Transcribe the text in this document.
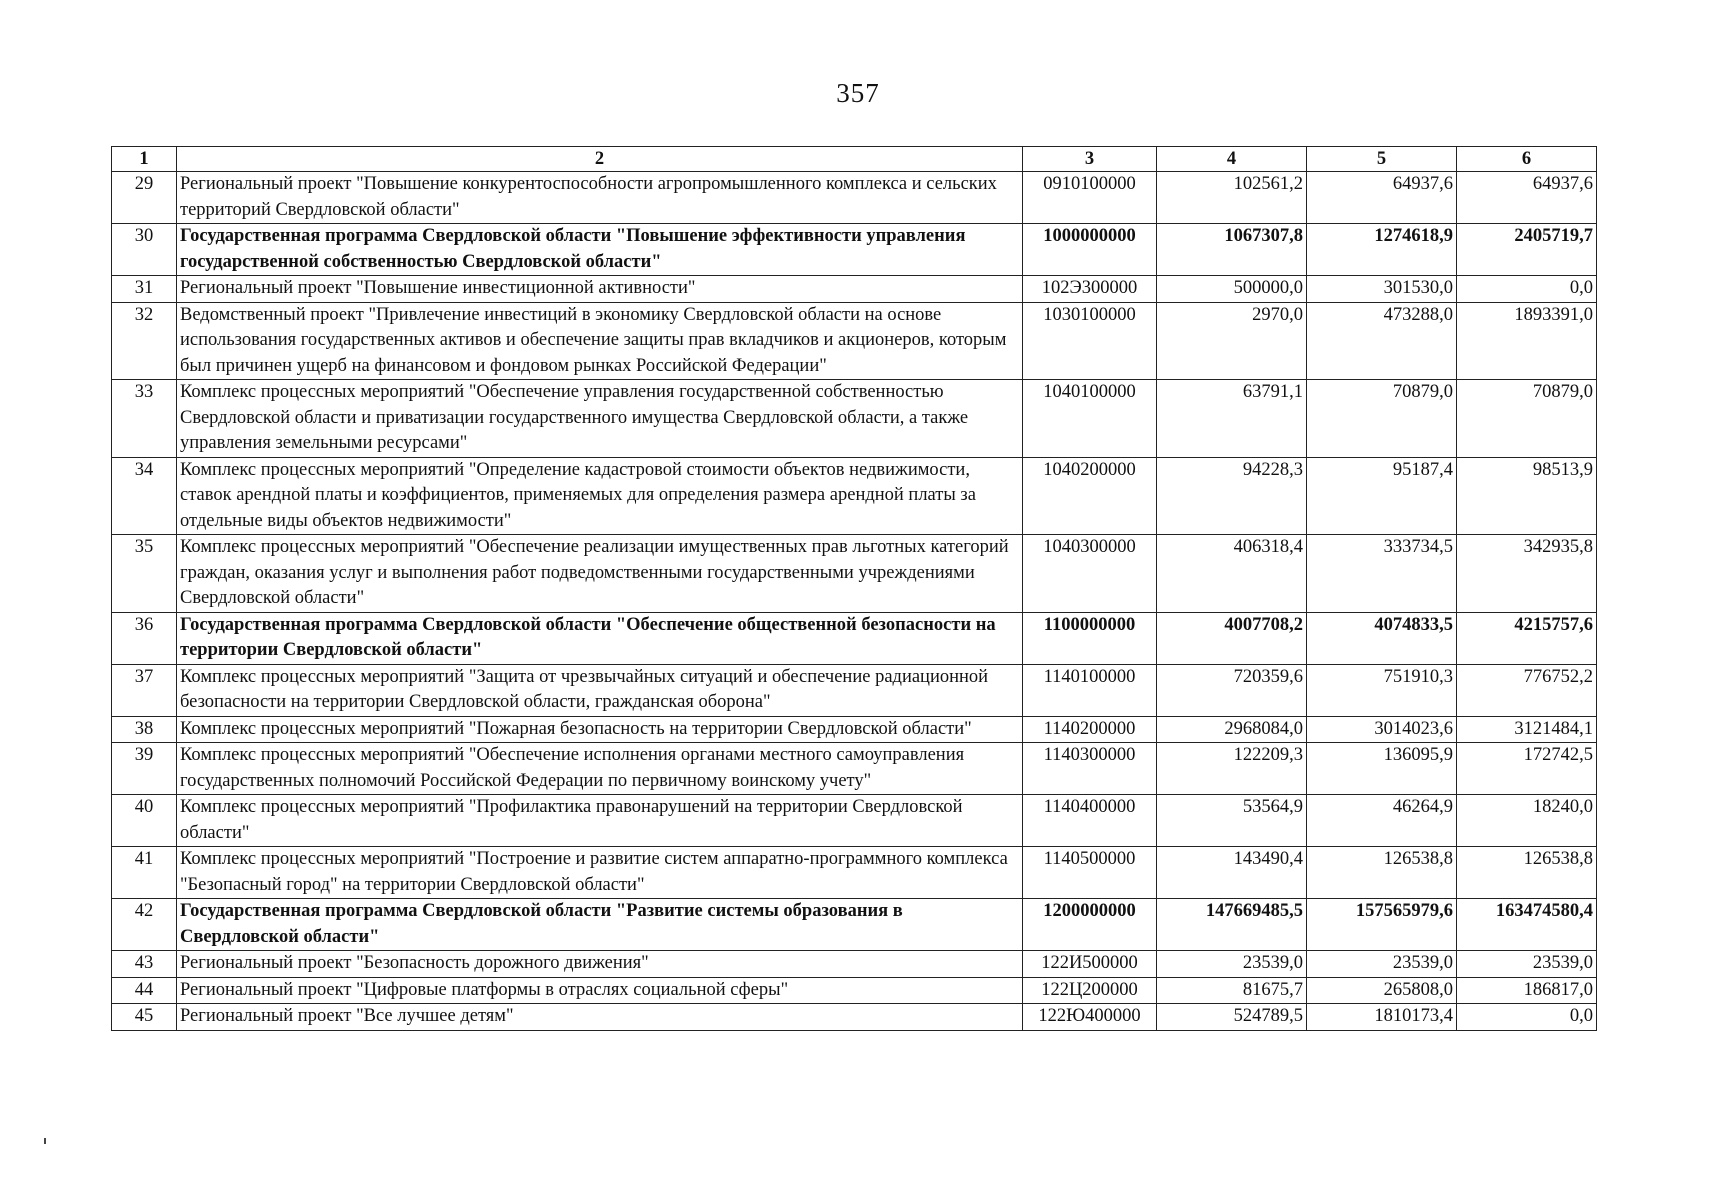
357
1	2	3	4	5	6
29	Региональный проект "Повышение конкурентоспособности агропромышленного комплекса и сельских территорий Свердловской области"	0910100000	102561,2	64937,6	64937,6
30	Государственная программа Свердловской области "Повышение эффективности управления государственной собственностью Свердловской области"	1000000000	1067307,8	1274618,9	2405719,7
31	Региональный проект "Повышение инвестиционной активности"	102Э300000	500000,0	301530,0	0,0
32	Ведомственный проект "Привлечение инвестиций в экономику Свердловской области на основе использования государственных активов и обеспечение защиты прав вкладчиков и акционеров, которым был причинен ущерб на финансовом и фондовом рынках Российской Федерации"	1030100000	2970,0	473288,0	1893391,0
33	Комплекс процессных мероприятий "Обеспечение управления государственной собственностью Свердловской области и приватизации государственного имущества Свердловской области, а также управления земельными ресурсами"	1040100000	63791,1	70879,0	70879,0
34	Комплекс процессных мероприятий "Определение кадастровой стоимости объектов недвижимости, ставок арендной платы и коэффициентов, применяемых для определения размера арендной платы за отдельные виды объектов недвижимости"	1040200000	94228,3	95187,4	98513,9
35	Комплекс процессных мероприятий "Обеспечение реализации имущественных прав льготных категорий граждан, оказания услуг и выполнения работ подведомственными государственными учреждениями Свердловской области"	1040300000	406318,4	333734,5	342935,8
36	Государственная программа Свердловской области "Обеспечение общественной безопасности на территории Свердловской области"	1100000000	4007708,2	4074833,5	4215757,6
37	Комплекс процессных мероприятий "Защита от чрезвычайных ситуаций и обеспечение радиационной безопасности на территории Свердловской области, гражданская оборона"	1140100000	720359,6	751910,3	776752,2
38	Комплекс процессных мероприятий "Пожарная безопасность на территории Свердловской области"	1140200000	2968084,0	3014023,6	3121484,1
39	Комплекс процессных мероприятий "Обеспечение исполнения органами местного самоуправления государственных полномочий Российской Федерации по первичному воинскому учету"	1140300000	122209,3	136095,9	172742,5
40	Комплекс процессных мероприятий "Профилактика правонарушений на территории Свердловской области"	1140400000	53564,9	46264,9	18240,0
41	Комплекс процессных мероприятий "Построение и развитие систем аппаратно-программного комплекса "Безопасный город" на территории Свердловской области"	1140500000	143490,4	126538,8	126538,8
42	Государственная программа Свердловской области "Развитие системы образования в Свердловской области"	1200000000	147669485,5	157565979,6	163474580,4
43	Региональный проект "Безопасность дорожного движения"	122И500000	23539,0	23539,0	23539,0
44	Региональный проект "Цифровые платформы в отраслях социальной сферы"	122Ц200000	81675,7	265808,0	186817,0
45	Региональный проект "Все лучшее детям"	122Ю400000	524789,5	1810173,4	0,0
